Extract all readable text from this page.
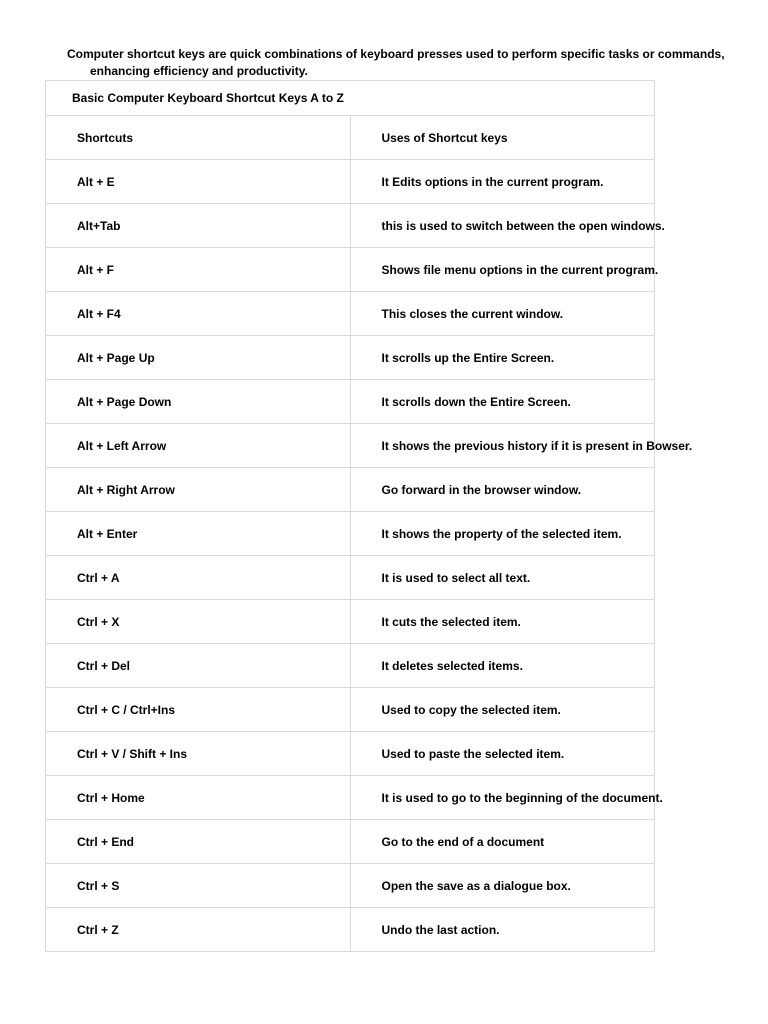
Computer shortcut keys are quick combinations of keyboard presses used to perform specific tasks or commands, enhancing efficiency and productivity.

Basic Computer Keyboard Shortcut Keys A to Z	
Shortcuts	Uses of Shortcut keys
Alt + E	It Edits options in the current program.
Alt+Tab	this is used to switch between the open windows.
Alt + F	Shows file menu options in the current program.
Alt + F4	This closes the current window.
Alt + Page Up	It scrolls up the Entire Screen.
Alt + Page Down	It scrolls down the Entire Screen.
Alt + Left Arrow	It shows the previous history if it is present in Bowser.
Alt + Right Arrow	Go forward in the browser window.
Alt + Enter	It shows the property of the selected item.
Ctrl + A	It is used to select all text.
Ctrl + X	It cuts the selected item.
Ctrl + Del	It deletes selected items.
Ctrl + C / Ctrl+Ins	Used to copy the selected item.
Ctrl + V / Shift + Ins	Used to paste the selected item.
Ctrl + Home	It is used to go to the beginning of the document.
Ctrl + End	Go to the end of a document
Ctrl + S	Open the save as a dialogue box.
Ctrl + Z	Undo the last action.
